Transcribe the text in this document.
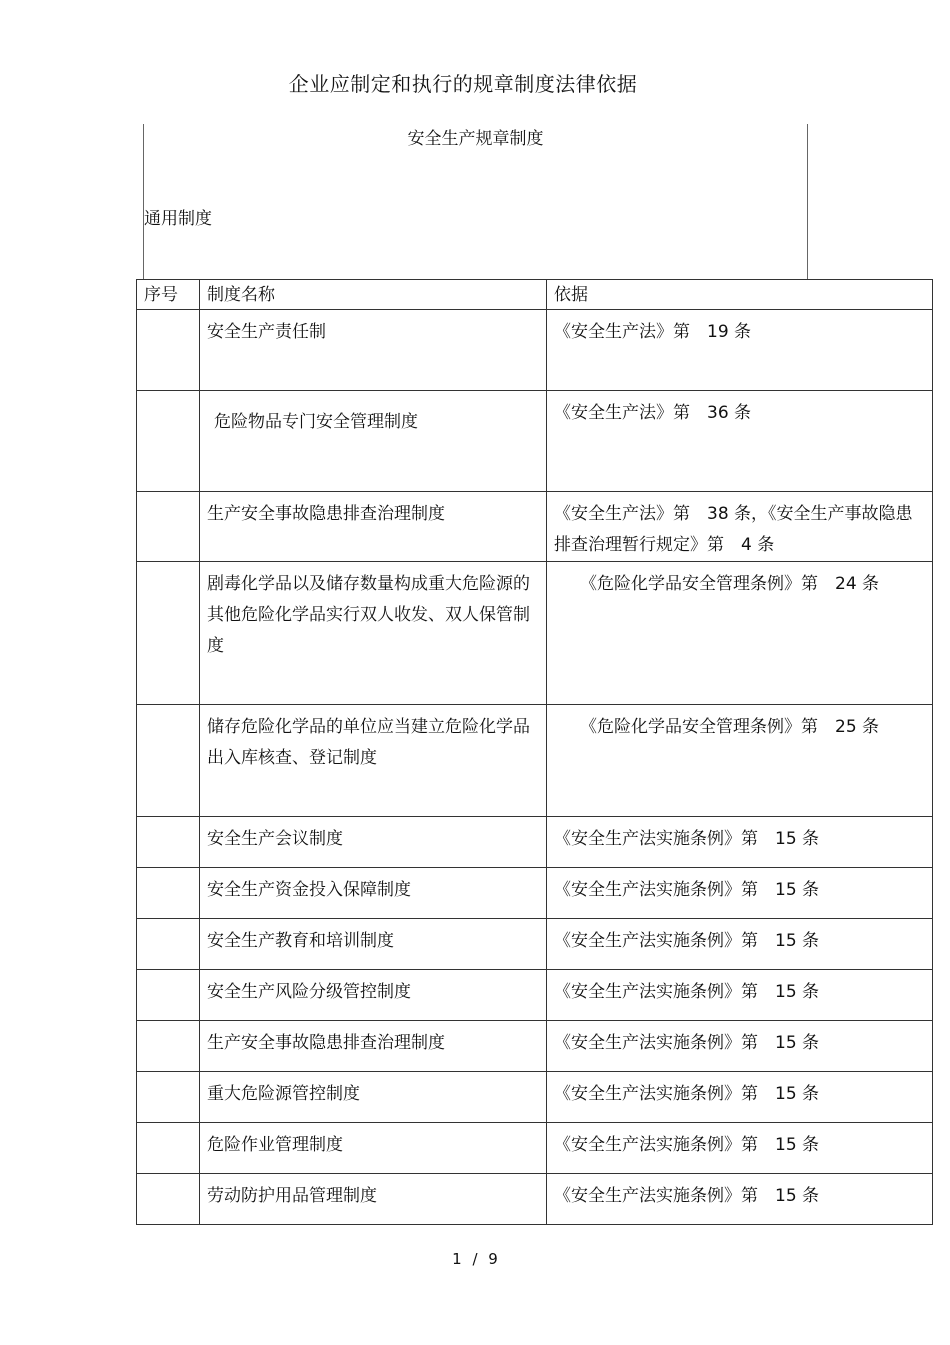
企业应制定和执行的规章制度法律依据
安全生产规章制度
通用制度
序号	制度名称	依据
	安全生产责任制	《安全生产法》第　19 条
	危险物品专门安全管理制度	《安全生产法》第　36 条
	生产安全事故隐患排查治理制度	《安全生产法》第　38 条，《安全生产事故隐患排查治理暂行规定》第　4 条
	剧毒化学品以及储存数量构成重大危险源的其他危险化学品实行双人收发、双人保管制度	《危险化学品安全管理条例》第　24 条
	储存危险化学品的单位应当建立危险化学品出入库核查、登记制度	《危险化学品安全管理条例》第　25 条
	安全生产会议制度	《安全生产法实施条例》第　15 条
	安全生产资金投入保障制度	《安全生产法实施条例》第　15 条
	安全生产教育和培训制度	《安全生产法实施条例》第　15 条
	安全生产风险分级管控制度	《安全生产法实施条例》第　15 条
	生产安全事故隐患排查治理制度	《安全生产法实施条例》第　15 条
	重大危险源管控制度	《安全生产法实施条例》第　15 条
	危险作业管理制度	《安全生产法实施条例》第　15 条
	劳动防护用品管理制度	《安全生产法实施条例》第　15 条
1 / 9
